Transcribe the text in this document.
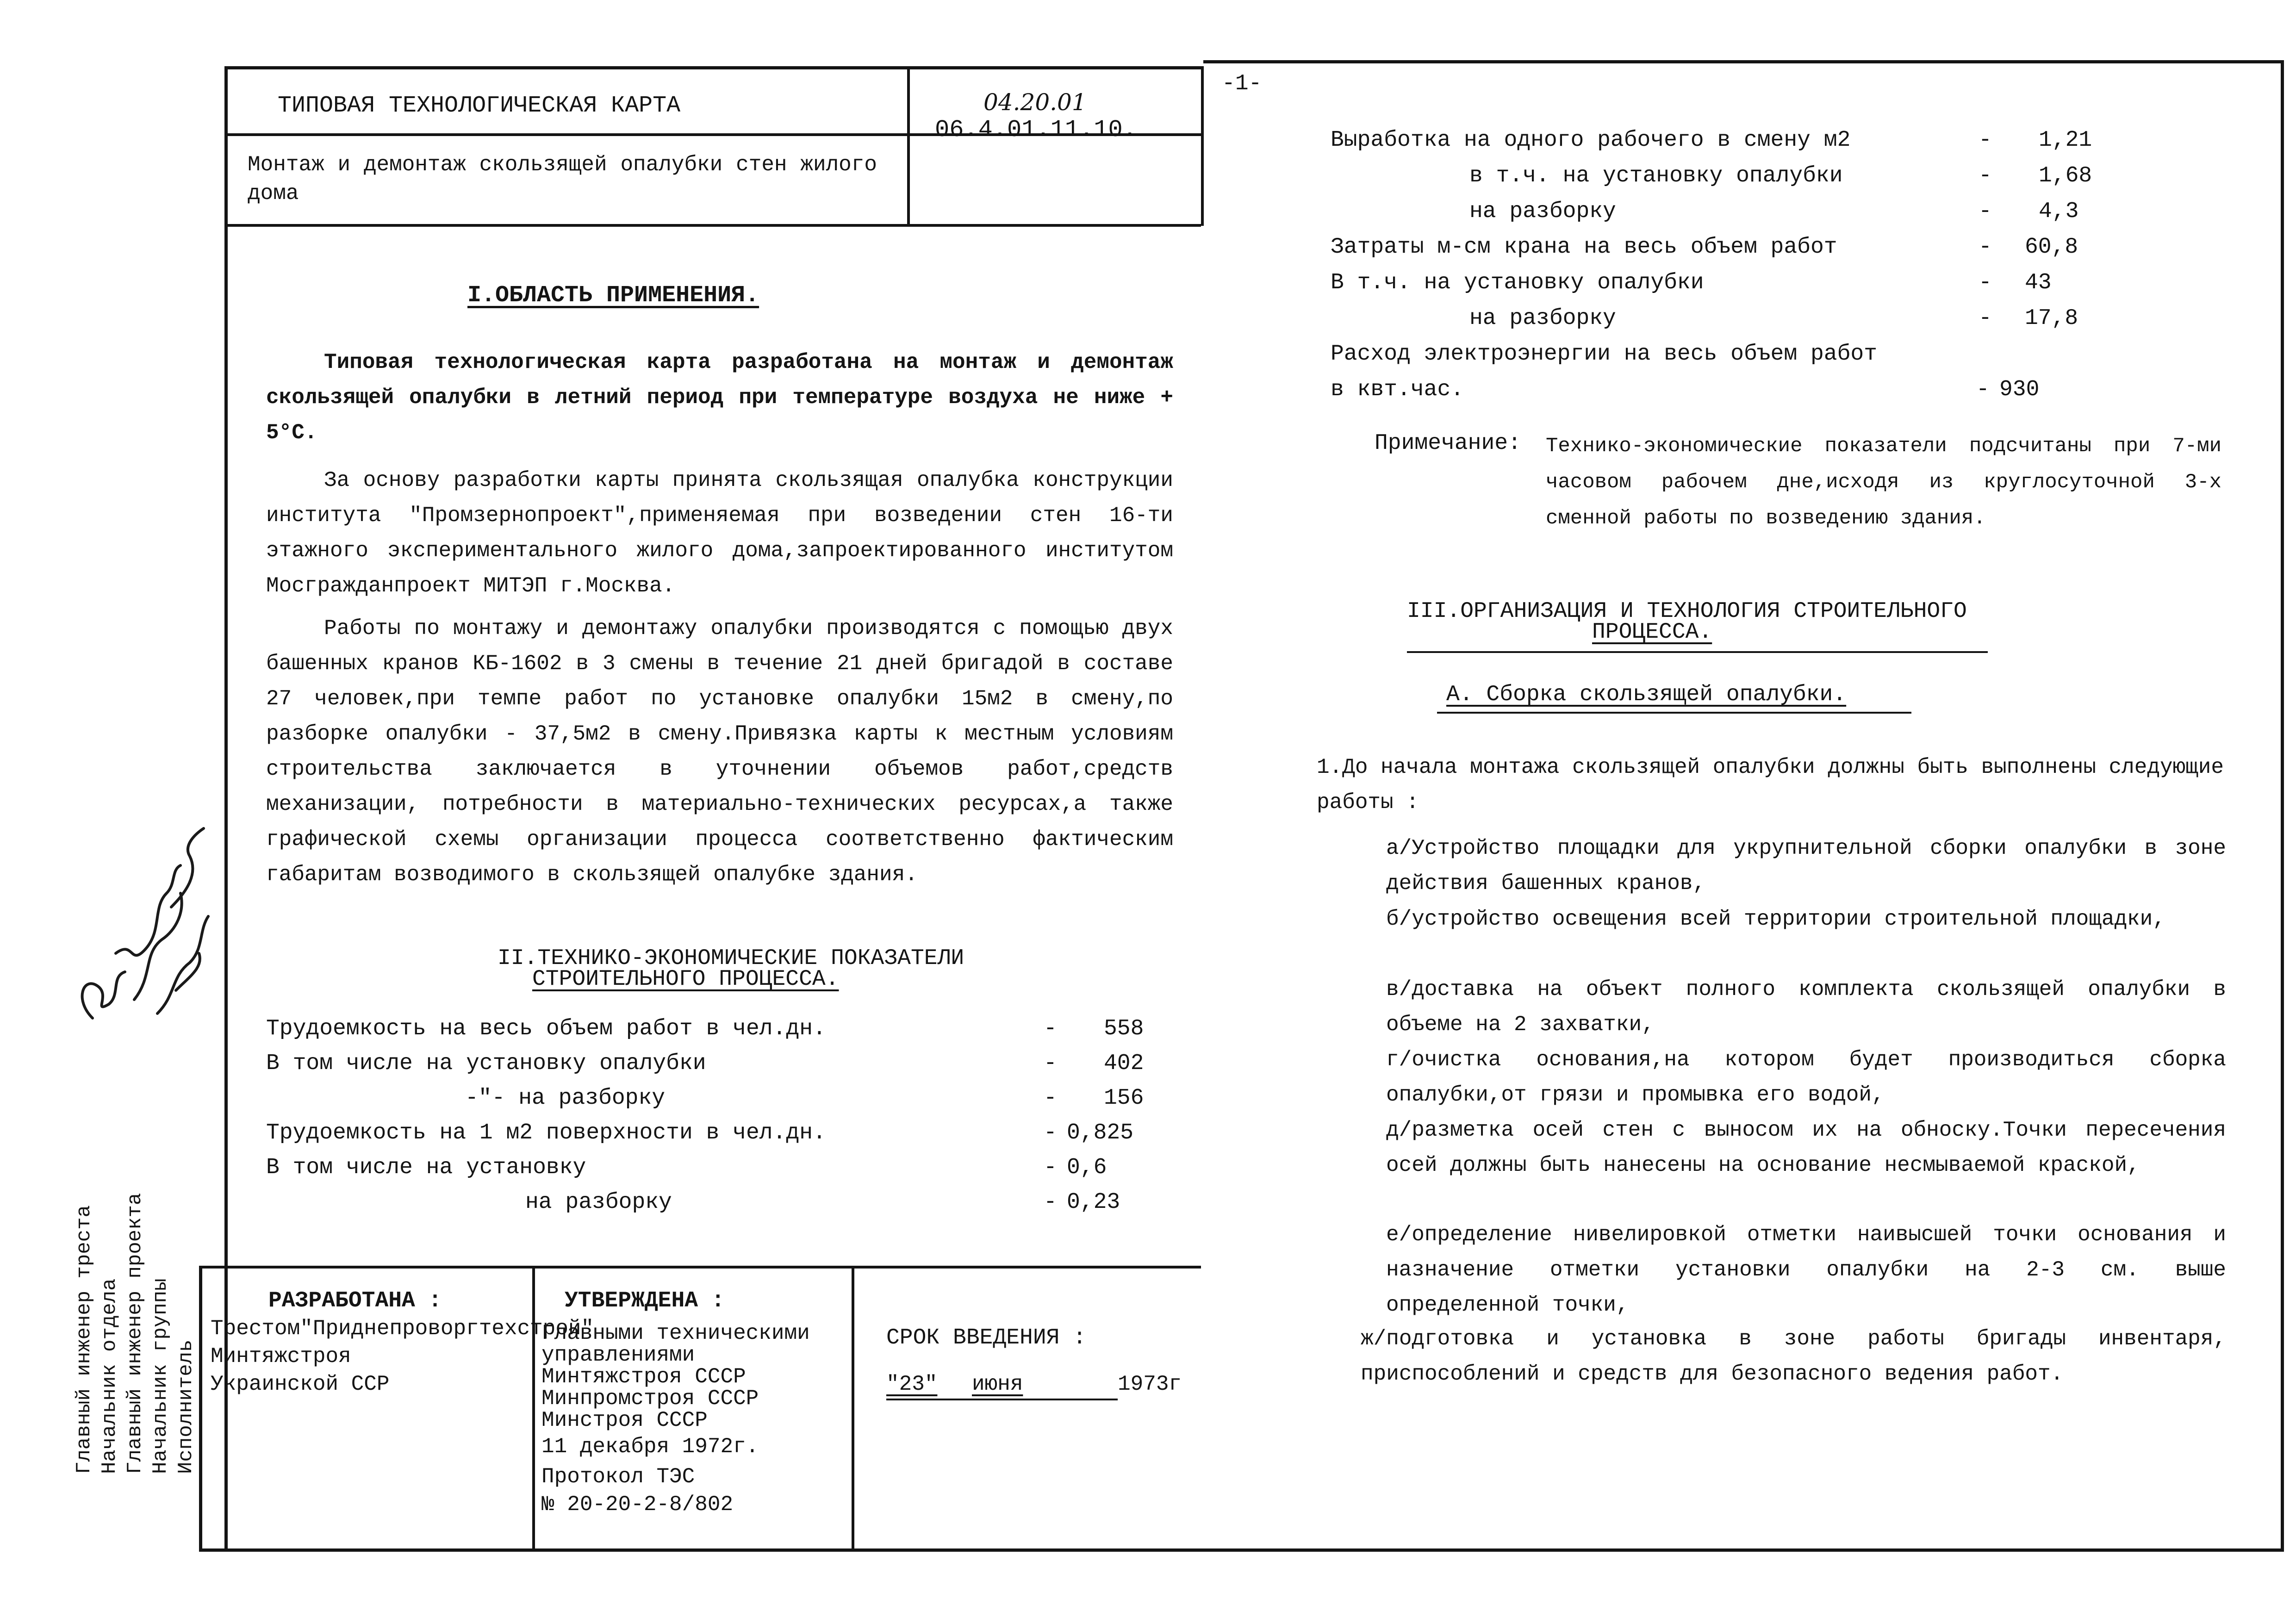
ТИПОВАЯ ТЕХНОЛОГИЧЕСКАЯ КАРТА
Монтаж и демонтаж скользящей опалубки стен жилого дома
04.20.01
06.4.01.11.10.
-1-
I.ОБЛАСТЬ ПРИМЕНЕНИЯ.
Типовая технологическая карта разработана на монтаж и демонтаж скользящей опалубки в летний период при температуре воздуха не ниже + 5°С.
За основу разработки карты принята скользящая опалубка конструкции института "Промзернопроект",применяемая при возведении стен 16-ти этажного экспериментального жилого дома,запроектированного институтом Мосгражданпроект МИТЭП г.Москва.
Работы по монтажу и демонтажу опалубки производятся с помощью двух башенных кранов КБ-1602 в 3 смены в течение 21 дней бригадой в составе 27 человек,при темпе работ по установке опалубки 15м2 в смену,по разборке опалубки - 37,5м2 в смену.Привязка карты к местным условиям строительства заключается в уточнении объемов работ,средств механизации, потребности в материально-технических ресурсах,а также графической схемы организации процесса соответственно фактическим габаритам возводимого в скользящей опалубке здания.
II.ТЕХНИКО-ЭКОНОМИЧЕСКИЕ ПОКАЗАТЕЛИ
СТРОИТЕЛЬНОГО ПРОЦЕССА.
Трудоемкость на весь объем работ в чел.дн.	- 558
В том числе на установку опалубки	- 402
-"- на разборку	- 156
Трудоемкость на 1 м2 поверхности в чел.дн.	- 0,825
В том числе на установку	- 0,6
на разборку	- 0,23
РАЗРАБОТАНА :
Трестом"Приднепроворгтехстрой"
Минтяжстроя
Украинской ССР
УТВЕРЖДЕНА :
Главными техническими
управлениями
Минтяжстроя СССР
Минпромстроя СССР
Минстроя СССР
11 декабря 1972г.
Протокол ТЭС
№ 20-20-2-8/802
СРОК ВВЕДЕНИЯ :
"23" июня	1973г
Главный инженер треста Начальник отдела Главный инженер проекта Начальник группы Исполнитель
Выработка на одного рабочего в смену м2	- 1,21
в т.ч. на установку опалубки	- 1,68
на разборку	- 4,3
Затраты м-см крана на весь объем работ	- 60,8
В т.ч. на установку опалубки	- 43
на разборку	- 17,8
Расход электроэнергии на весь объем работ
в квт.час.	- 930
Примечание: Технико-экономические показатели подсчитаны при 7-ми часовом рабочем дне,исходя из круглосуточной 3-х сменной работы по возведению здания.
III.ОРГАНИЗАЦИЯ И ТЕХНОЛОГИЯ СТРОИТЕЛЬНОГО
ПРОЦЕССА.
А. Сборка скользящей опалубки.
1.До начала монтажа скользящей опалубки должны быть выполнены следующие работы :
а/Устройство площадки для укрупнительной сборки опалубки в зоне действия башенных кранов,
б/устройство освещения всей территории строительной площадки,
в/доставка на объект полного комплекта скользящей опалубки в объеме на 2 захватки,
г/очистка основания,на котором будет производиться сборка опалубки,от грязи и промывка его водой,
д/разметка осей стен с выносом их на обноску.Точки пересечения осей должны быть нанесены на основание несмываемой краской,
е/определение нивелировкой отметки наивысшей точки основания и назначение отметки установки опалубки на 2-3 см. выше определенной точки,
ж/подготовка и установка в зоне работы бригады инвентаря, приспособлений и средств для безопасного ведения работ.
